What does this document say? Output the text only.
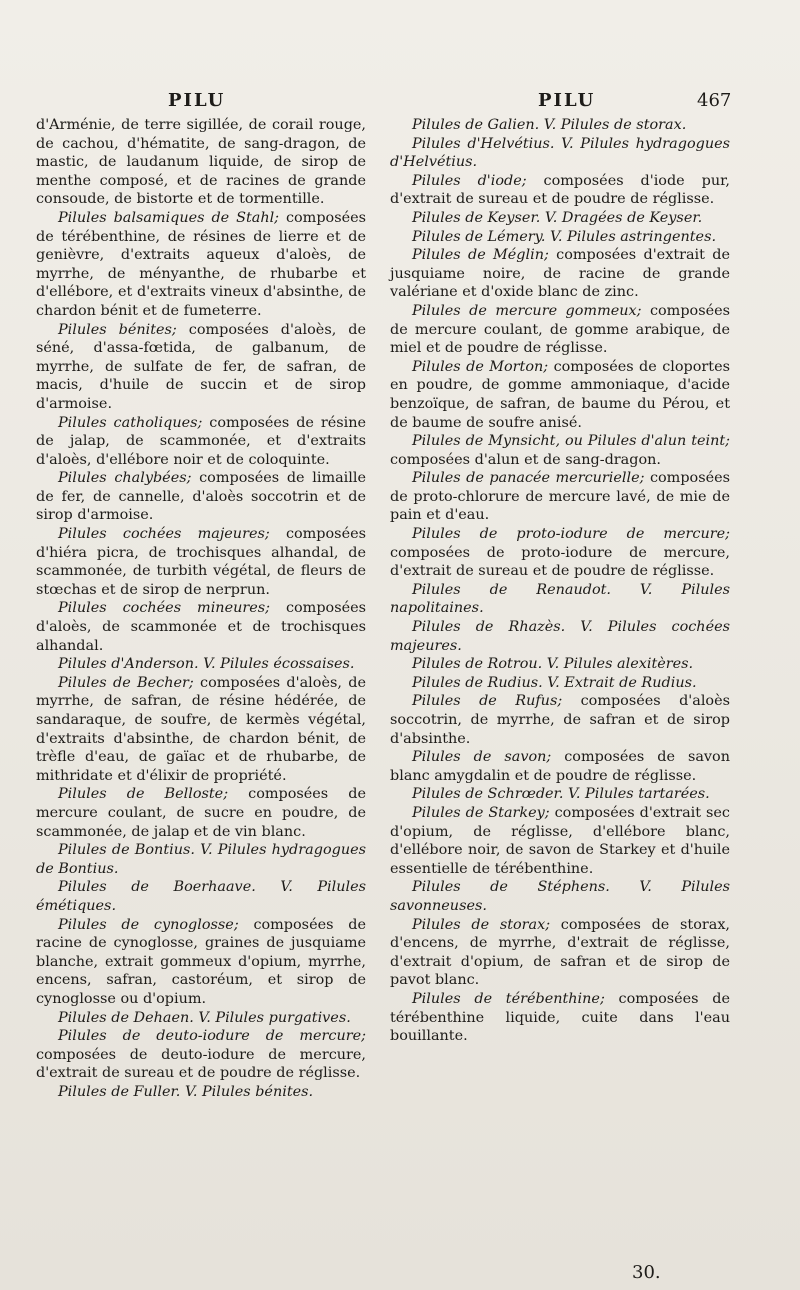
PILU	PILU	467

d'Arménie, de terre sigillée, de corail rouge, de cachou, d'hématite, de sang-dragon, de mastic, de laudanum liquide, de sirop de menthe composé, et de racines de grande consoude, de bistorte et de tormentille.

Pilules balsamiques de Stahl; composées de térébenthine, de résines de lierre et de genièvre, d'extraits aqueux d'aloès, de myrrhe, de ményanthe, de rhubarbe et d'ellébore, et d'extraits vineux d'absinthe, de chardon bénit et de fumeterre.

Pilules bénites; composées d'aloès, de séné, d'assa-fœtida, de galbanum, de myrrhe, de sulfate de fer, de safran, de macis, d'huile de succin et de sirop d'armoise.

Pilules catholiques; composées de résine de jalap, de scammonée, et d'extraits d'aloès, d'ellébore noir et de coloquinte.

Pilules chalybées; composées de limaille de fer, de cannelle, d'aloès soccotrin et de sirop d'armoise.

Pilules cochées majeures; composées d'hiéra picra, de trochisques alhandal, de scammonée, de turbith végétal, de fleurs de stœchas et de sirop de nerprun.

Pilules cochées mineures; composées d'aloès, de scammonée et de trochisques alhandal.

Pilules d'Anderson. V. Pilules écossaises.

Pilules de Becher; composées d'aloès, de myrrhe, de safran, de résine hédérée, de sandaraque, de soufre, de kermès végétal, d'extraits d'absinthe, de chardon bénit, de trèfle d'eau, de gaïac et de rhubarbe, de mithridate et d'élixir de propriété.

Pilules de Belloste; composées de mercure coulant, de sucre en poudre, de scammonée, de jalap et de vin blanc.

Pilules de Bontius. V. Pilules hydragogues de Bontius.

Pilules de Boerhaave. V. Pilules émétiques.

Pilules de cynoglosse; composées de racine de cynoglosse, graines de jusquiame blanche, extrait gommeux d'opium, myrrhe, encens, safran, castoréum, et sirop de cynoglosse ou d'opium.

Pilules de Dehaen. V. Pilules purgatives.

Pilules de deuto-iodure de mercure; composées de deuto-iodure de mercure, d'extrait de sureau et de poudre de réglisse.

Pilules de Fuller. V. Pilules bénites.

Pilules de Galien. V. Pilules de storax.

Pilules d'Helvétius. V. Pilules hydragogues d'Helvétius.

Pilules d'iode; composées d'iode pur, d'extrait de sureau et de poudre de réglisse.

Pilules de Keyser. V. Dragées de Keyser.

Pilules de Lémery. V. Pilules astringentes.

Pilules de Méglin; composées d'extrait de jusquiame noire, de racine de grande valériane et d'oxide blanc de zinc.

Pilules de mercure gommeux; composées de mercure coulant, de gomme arabique, de miel et de poudre de réglisse.

Pilules de Morton; composées de cloportes en poudre, de gomme ammoniaque, d'acide benzoïque, de safran, de baume du Pérou, et de baume de soufre anisé.

Pilules de Mynsicht, ou Pilules d'alun teint; composées d'alun et de sang-dragon.

Pilules de panacée mercurielle; composées de proto-chlorure de mercure lavé, de mie de pain et d'eau.

Pilules de proto-iodure de mercure; composées de proto-iodure de mercure, d'extrait de sureau et de poudre de réglisse.

Pilules de Renaudot. V. Pilules napolitaines.

Pilules de Rhazès. V. Pilules cochées majeures.

Pilules de Rotrou. V. Pilules alexitères.

Pilules de Rudius. V. Extrait de Rudius.

Pilules de Rufus; composées d'aloès soccotrin, de myrrhe, de safran et de sirop d'absinthe.

Pilules de savon; composées de savon blanc amygdalin et de poudre de réglisse.

Pilules de Schrœder. V. Pilules tartarées.

Pilules de Starkey; composées d'extrait sec d'opium, de réglisse, d'ellébore blanc, d'ellébore noir, de savon de Starkey et d'huile essentielle de térébenthine.

Pilules de Stéphens. V. Pilules savonneuses.

Pilules de storax; composées de storax, d'encens, de myrrhe, d'extrait de réglisse, d'extrait d'opium, de safran et de sirop de pavot blanc.

Pilules de térébenthine; composées de térébenthine liquide, cuite dans l'eau bouillante.

30.
